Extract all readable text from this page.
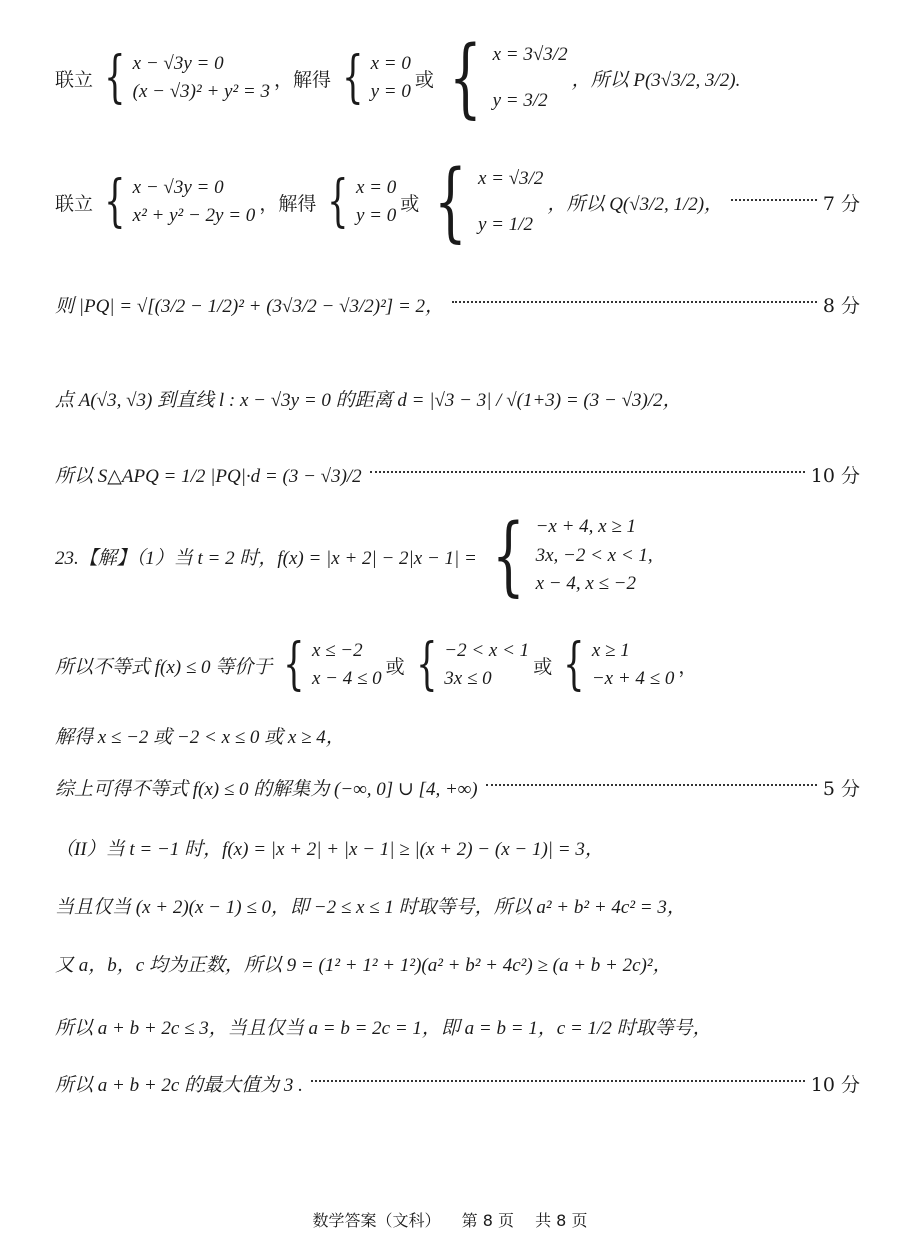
联立 { x − √3y = 0
(x − √3)² + y² = 3
，解得 { x = 0
y = 0
或 { x = 3√3/2
y = 3/2
，所以 P(3√3/2, 3/2).
联立 { x − √3y = 0
x² + y² − 2y = 0
，解得 { x = 0
y = 0
或 { x = √3/2
y = 1/2
，所以 Q(√3/2, 1/2)，	7 分
则 |PQ| = √[(3/2 − 1/2)² + (3√3/2 − √3/2)²] = 2，	8 分
点 A(√3, √3) 到直线 l : x − √3y = 0 的距离 d = |√3 − 3| / √(1+3) = (3 − √3)/2，
所以 S△APQ = 1/2 |PQ|·d = (3 − √3)/2	10 分
23.【解】（1）当 t = 2 时，f(x) = |x + 2| − 2|x − 1| = { −x + 4, x ≥ 1
3x, −2 < x < 1,
x − 4, x ≤ −2
所以不等式 f(x) ≤ 0 等价于 { x ≤ −2
x − 4 ≤ 0
或 { −2 < x < 1
3x ≤ 0
或 { x ≥ 1
−x + 4 ≤ 0
，
解得 x ≤ −2 或 −2 < x ≤ 0 或 x ≥ 4，
综上可得不等式 f(x) ≤ 0 的解集为 (−∞, 0] ∪ [4, +∞)	5 分
（II）当 t = −1 时，f(x) = |x + 2| + |x − 1| ≥ |(x + 2) − (x − 1)| = 3，
当且仅当 (x + 2)(x − 1) ≤ 0，即 −2 ≤ x ≤ 1 时取等号，所以 a² + b² + 4c² = 3，
又 a，b，c 均为正数，所以 9 = (1² + 1² + 1²)(a² + b² + 4c²) ≥ (a + b + 2c)²，
所以 a + b + 2c ≤ 3，当且仅当 a = b = 2c = 1，即 a = b = 1，c = 1/2 时取等号，
所以 a + b + 2c 的最大值为 3 .	10 分
数学答案（文科） 第 8 页 共 8 页
